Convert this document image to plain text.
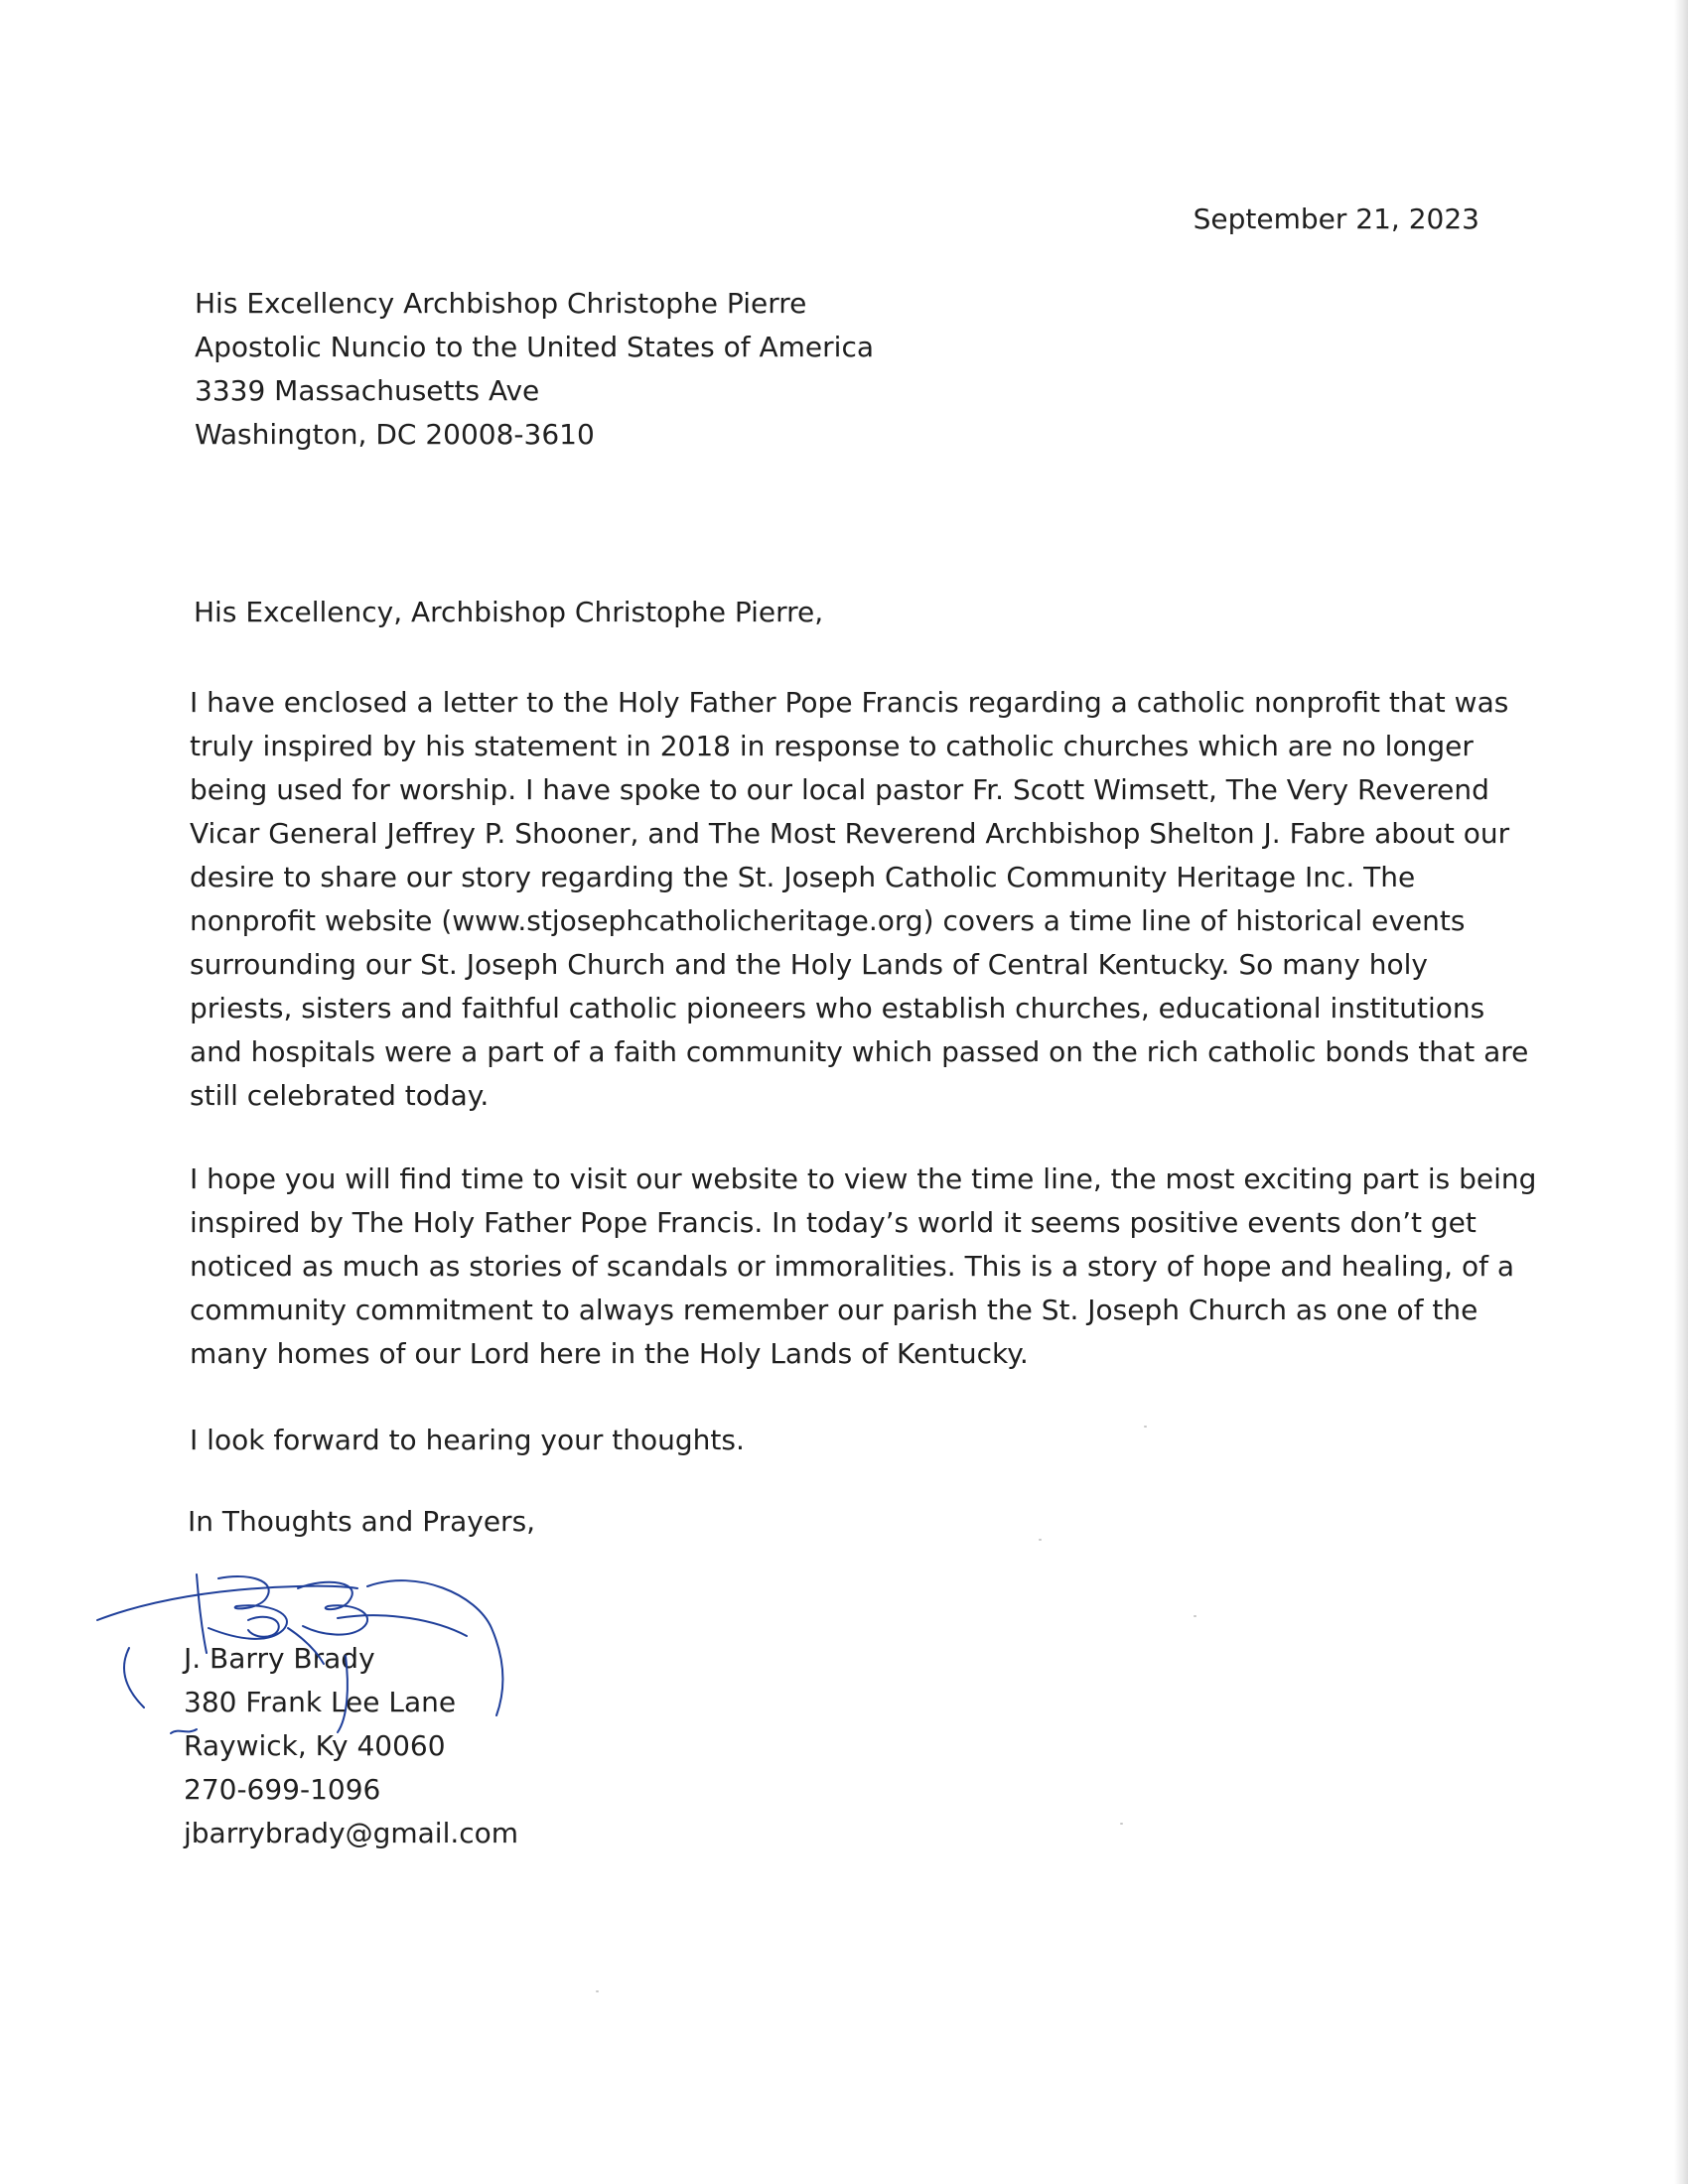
September 21, 2023
His Excellency Archbishop Christophe Pierre
Apostolic Nuncio to the United States of America
3339 Massachusetts Ave
Washington, DC 20008-3610
His Excellency, Archbishop Christophe Pierre,
I have enclosed a letter to the Holy Father Pope Francis regarding a catholic nonprofit that was
truly inspired by his statement in 2018 in response to catholic churches which are no longer
being used for worship. I have spoke to our local pastor Fr. Scott Wimsett, The Very Reverend
Vicar General Jeffrey P. Shooner, and The Most Reverend Archbishop Shelton J. Fabre about our
desire to share our story regarding the St. Joseph Catholic Community Heritage Inc. The
nonprofit website (www.stjosephcatholicheritage.org) covers a time line of historical events
surrounding our St. Joseph Church and the Holy Lands of Central Kentucky. So many holy
priests, sisters and faithful catholic pioneers who establish churches, educational institutions
and hospitals were a part of a faith community which passed on the rich catholic bonds that are
still celebrated today.
I hope you will find time to visit our website to view the time line, the most exciting part is being
inspired by The Holy Father Pope Francis. In today’s world it seems positive events don’t get
noticed as much as stories of scandals or immoralities. This is a story of hope and healing, of a
community commitment to always remember our parish the St. Joseph Church as one of the
many homes of our Lord here in the Holy Lands of Kentucky.
I look forward to hearing your thoughts.
In Thoughts and Prayers,
J. Barry Brady
380 Frank Lee Lane
Raywick, Ky 40060
270-699-1096
jbarrybrady@gmail.com
